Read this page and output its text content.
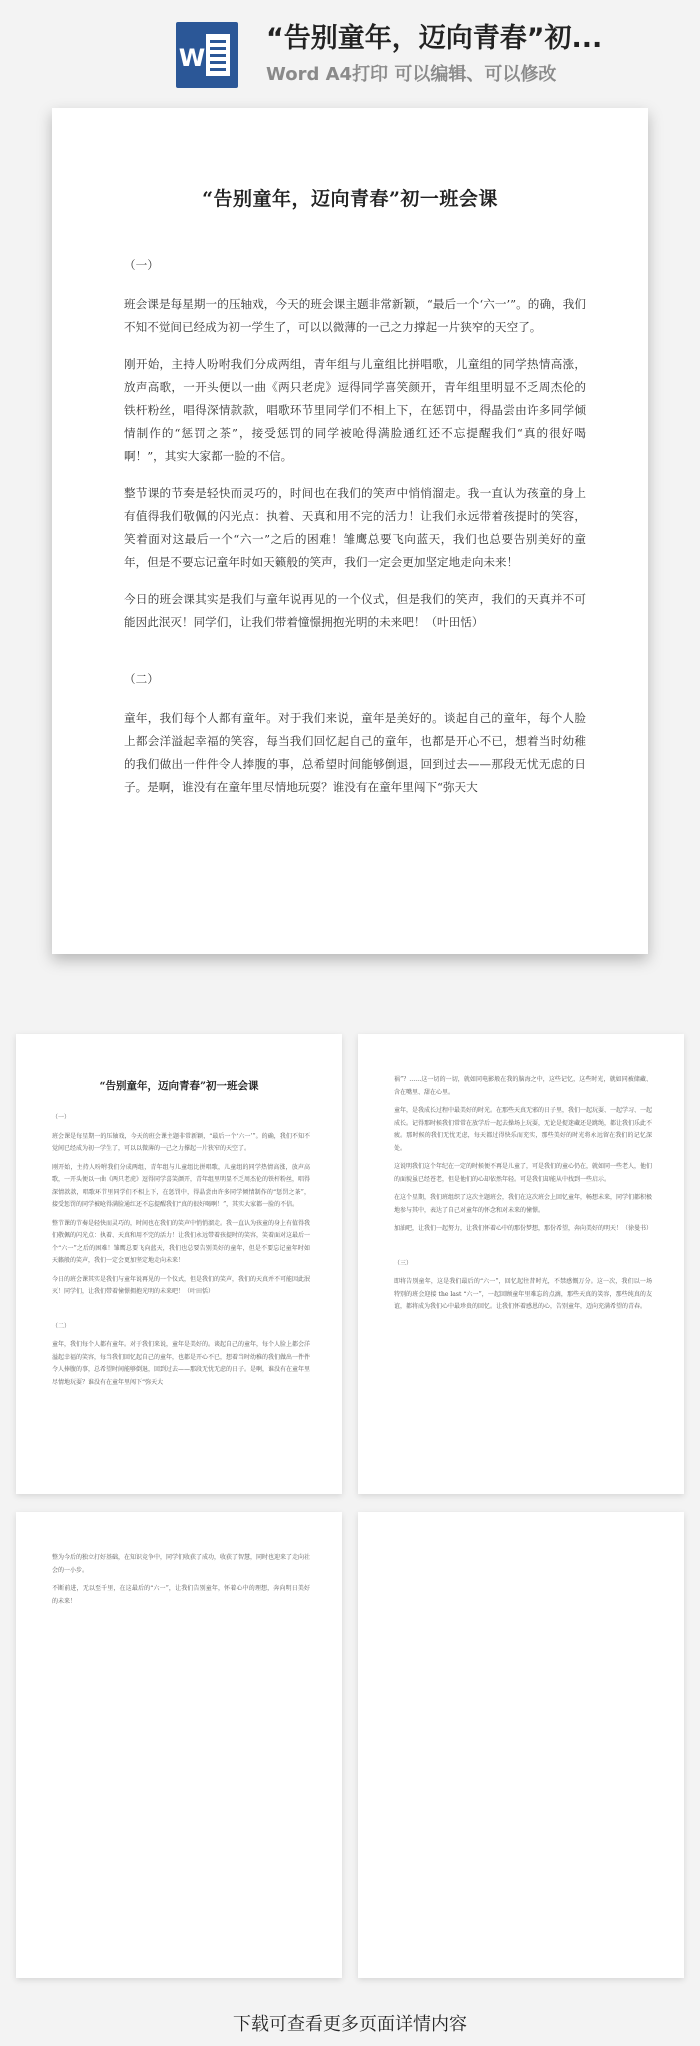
W
“告别童年，迈向青春”初...
Word A4打印 可以编辑、可以修改
“告别童年，迈向青春”初一班会课

（一）

班会课是每星期一的压轴戏，今天的班会课主题非常新颖，“最后一个‘六一’”。的确，我们不知不觉间已经成为初一学生了，可以以微薄的一己之力撑起一片狭窄的天空了。

刚开始，主持人吩咐我们分成两组，青年组与儿童组比拼唱歌，儿童组的同学热情高涨，放声高歌，一开头便以一曲《两只老虎》逗得同学喜笑颜开，青年组里明显不乏周杰伦的铁杆粉丝，唱得深情款款，唱歌环节里同学们不相上下，在惩罚中，得晶尝由许多同学倾情制作的“惩罚之茶”，接受惩罚的同学被呛得满脸通红还不忘提醒我们“真的很好喝啊！”，其实大家都一脸的不信。

整节课的节奏是轻快而灵巧的，时间也在我们的笑声中悄悄溜走。我一直认为孩童的身上有值得我们敬佩的闪光点：执着、天真和用不完的活力！让我们永远带着孩提时的笑容，笑着面对这最后一个“六一”之后的困难！雏鹰总要飞向蓝天，我们也总要告别美好的童年，但是不要忘记童年时如天籁般的笑声，我们一定会更加坚定地走向未来！

今日的班会课其实是我们与童年说再见的一个仪式，但是我们的笑声，我们的天真并不可能因此泯灭！同学们，让我们带着憧憬拥抱光明的未来吧！（叶田恬）

（二）

童年，我们每个人都有童年。对于我们来说，童年是美好的。谈起自己的童年，每个人脸上都会洋溢起幸福的笑容，每当我们回忆起自己的童年，也都是开心不已，想着当时幼稚的我们做出一件件令人捧腹的事，总希望时间能够倒退，回到过去——那段无忧无虑的日子。是啊，谁没有在童年里尽情地玩耍？谁没有在童年里闯下“弥天大

“告别童年，迈向青春”初一班会课

（一）

班会课是每星期一的压轴戏，今天的班会课主题非常新颖，“最后一个‘六一’”。的确，我们不知不觉间已经成为初一学生了，可以以微薄的一己之力撑起一片狭窄的天空了。

刚开始，主持人吩咐我们分成两组，青年组与儿童组比拼唱歌，儿童组的同学热情高涨，放声高歌，一开头便以一曲《两只老虎》逗得同学喜笑颜开，青年组里明显不乏周杰伦的铁杆粉丝，唱得深情款款，唱歌环节里同学们不相上下，在惩罚中，得晶尝由许多同学倾情制作的“惩罚之茶”，接受惩罚的同学被呛得满脸通红还不忘提醒我们“真的很好喝啊！”，其实大家都一脸的不信。

整节课的节奏是轻快而灵巧的，时间也在我们的笑声中悄悄溜走。我一直认为孩童的身上有值得我们敬佩的闪光点：执着、天真和用不完的活力！让我们永远带着孩提时的笑容，笑着面对这最后一个“六一”之后的困难！雏鹰总要飞向蓝天，我们也总要告别美好的童年，但是不要忘记童年时如天籁般的笑声，我们一定会更加坚定地走向未来！

今日的班会课其实是我们与童年说再见的一个仪式，但是我们的笑声，我们的天真并不可能因此泯灭！同学们，让我们带着憧憬拥抱光明的未来吧！（叶田恬）

（二）

童年，我们每个人都有童年。对于我们来说，童年是美好的。谈起自己的童年，每个人脸上都会洋溢起幸福的笑容，每当我们回忆起自己的童年，也都是开心不已，想着当时幼稚的我们做出一件件令人捧腹的事，总希望时间能够倒退，回到过去——那段无忧无虑的日子。是啊，谁没有在童年里尽情地玩耍？谁没有在童年里闯下“弥天大

祸”？……这一切的一切，就如同电影般在我的脑海之中，这些记忆，这些时光，就如同被储藏、含在嘴里、甜在心里。

童年，是我成长过程中最美好的时光。在那些天真无邪的日子里，我们一起玩耍、一起学习、一起成长。记得那时候我们常常在放学后一起去操场上玩耍，无论是捉迷藏还是跳绳，都让我们乐此不疲。那时候的我们无忧无虑，每天都过得快乐而充实，那些美好的时光将永远留在我们的记忆深处。

这说明我们这个年纪在一定的时候便不再是儿童了，可是我们的童心仍在，就如同一些老人，他们的面貌虽已经苍老，但是他们的心却依然年轻。可是我们却能从中找到一些启示。

在这个星期，我们班组织了这次主题班会，我们在这次班会上回忆童年，畅想未来，同学们都积极地参与其中，表达了自己对童年的怀念和对未来的憧憬。

加油吧，让我们一起努力，让我们怀着心中的那份梦想，那份希望，奔向美好的明天！（徐曼书）

（三）

即将告别童年，这是我们最后的“六一”，回忆起往昔时光，不禁感慨万分。这一次，我们以一场特别的班会迎接 the last “六一”，一起回顾童年里难忘的点滴，那些天真的笑容，那些纯真的友谊，都将成为我们心中最珍贵的回忆。让我们怀着感恩的心，告别童年，迈向充满希望的青春。

整为今后的独立打好基础，在知识竞争中，同学们收获了成功，收获了智慧，同时也迎来了走向社会的一小步。

不断前进，无以至千里，在这最后的“六一”，让我们告别童年，怀着心中的理想，奔向明日美好的未来！

下载可查看更多页面详情内容
